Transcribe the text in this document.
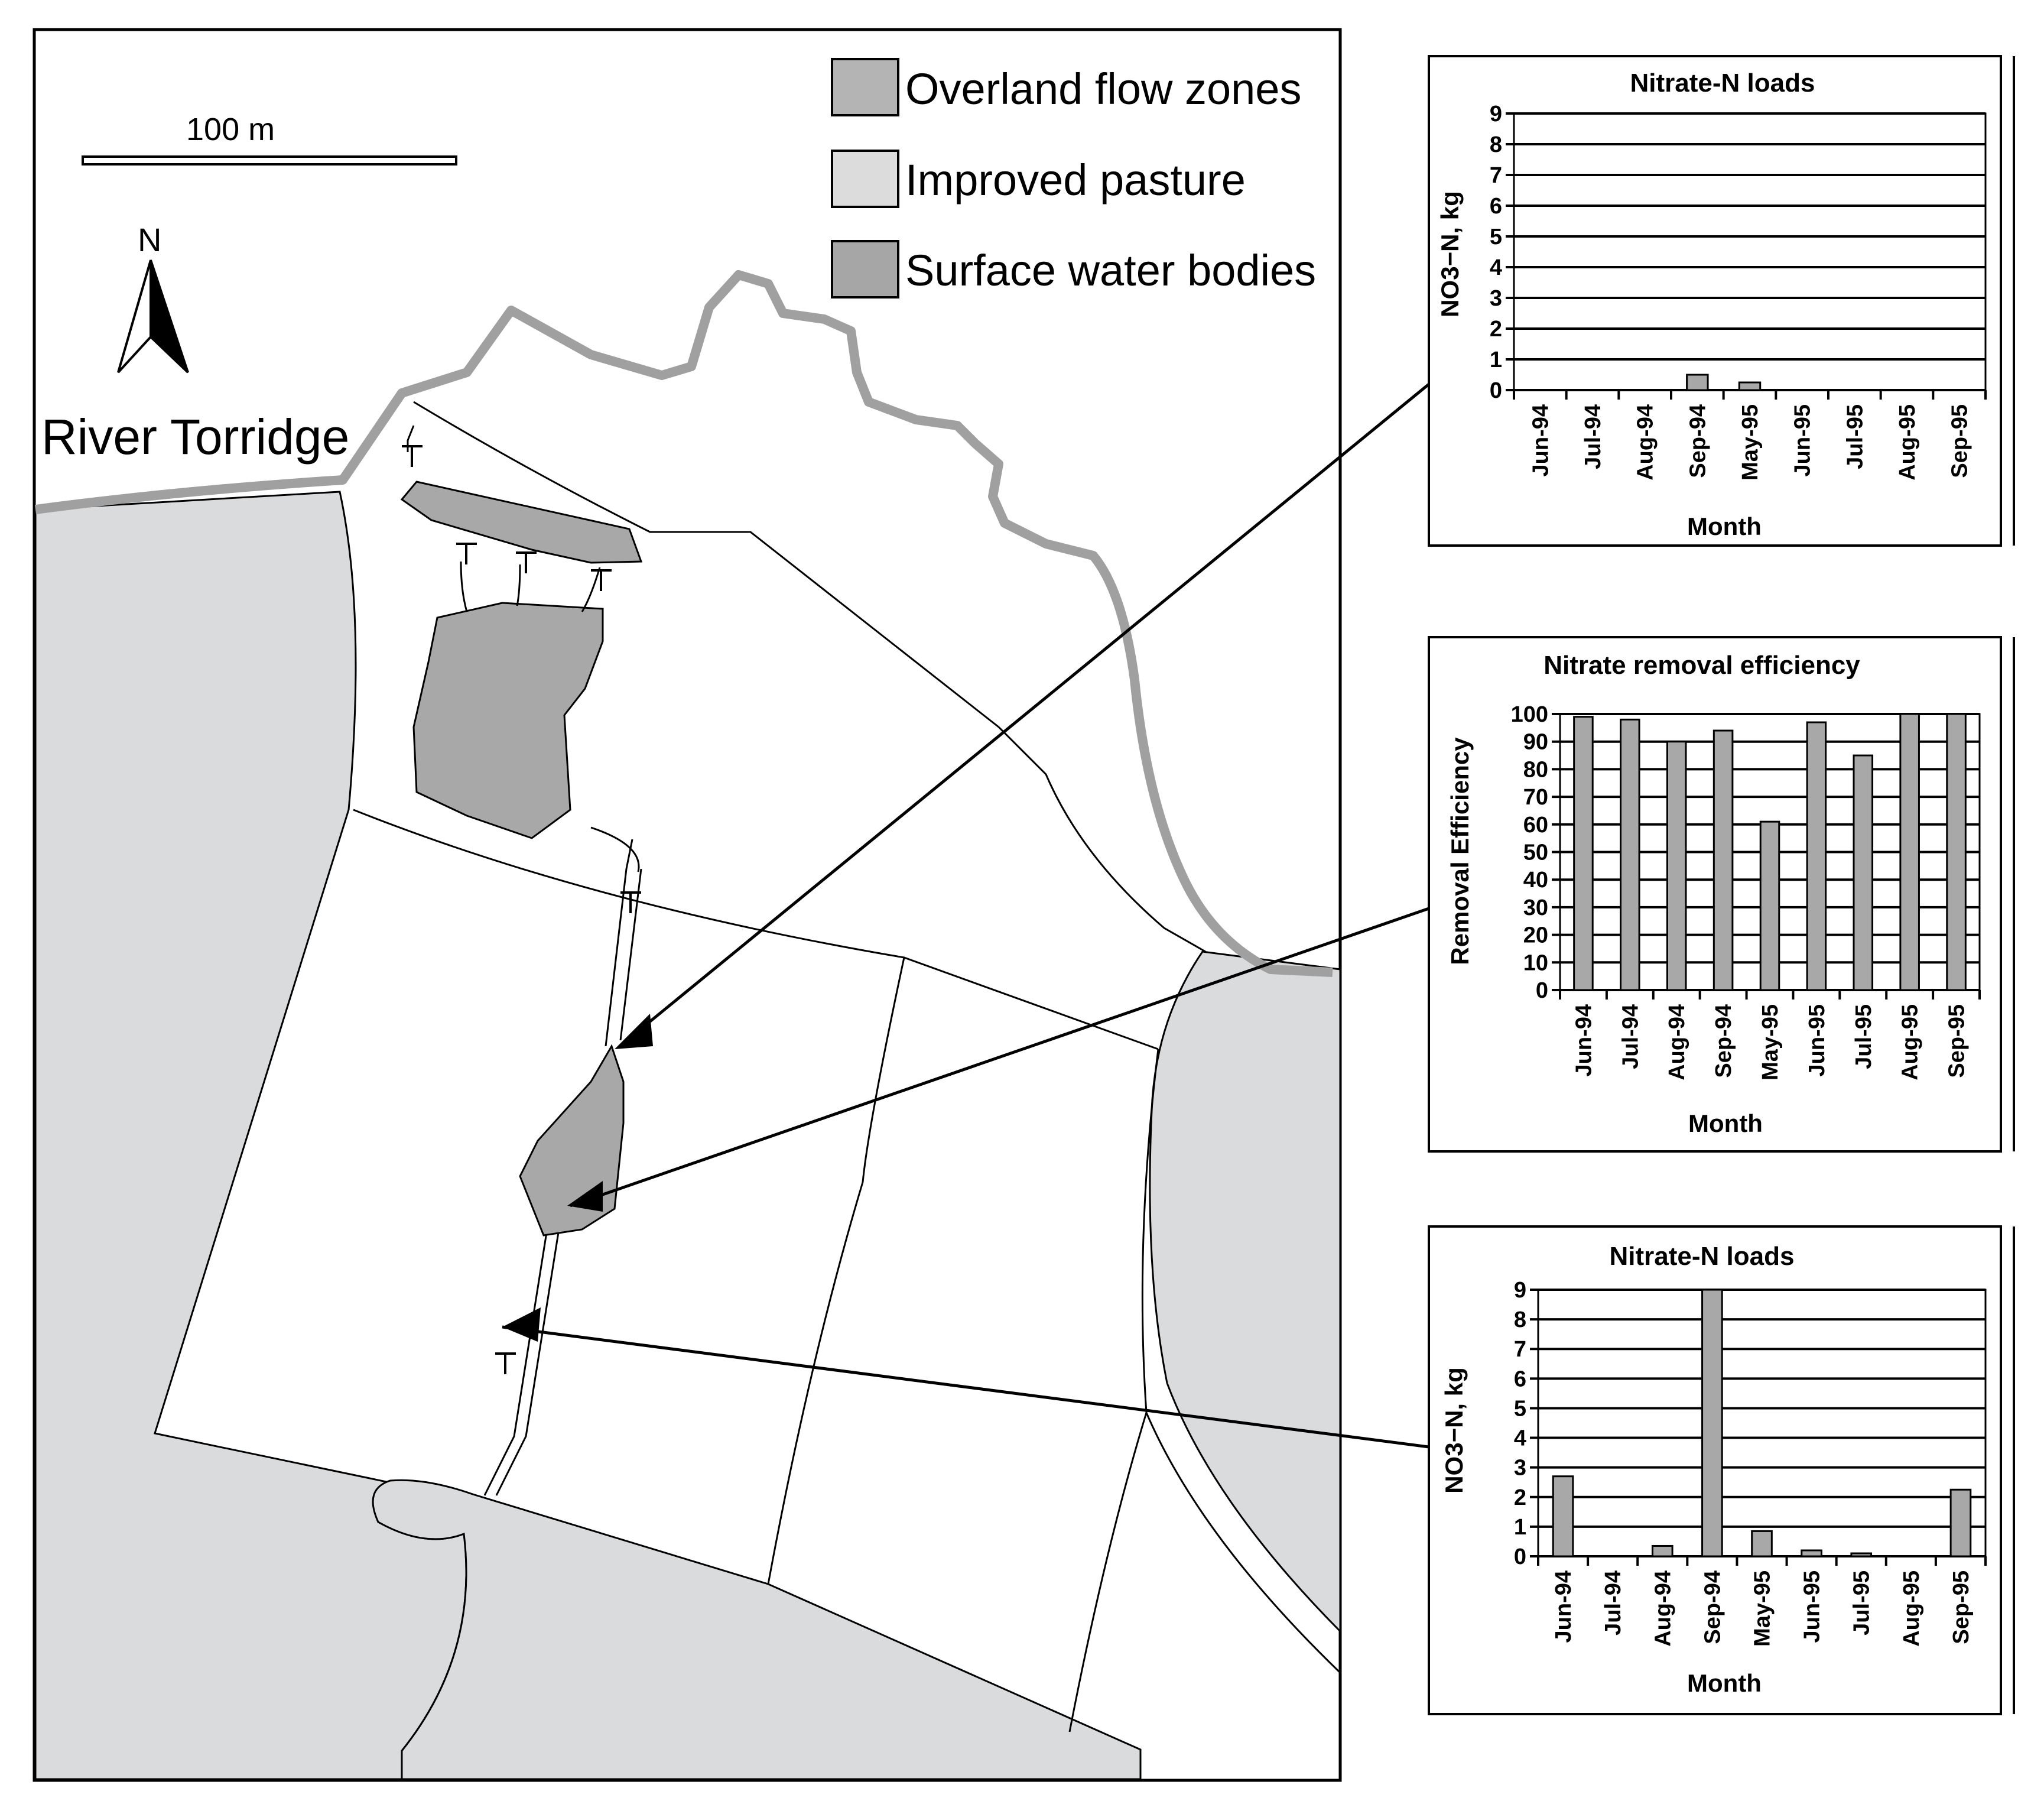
Overland flow zones
Improved pasture
Surface water bodies
100 m
N
River Torridge
Nitrate-N loads
Month
NO3−N, kg
0
1
2
3
4
5
6
7
8
9
Jun-94 Jul-94 Aug-94 Sep-94 May-95 Jun-95 Jul-95 Aug-95 Sep-95
Nitrate removal efficiency
Month
Removal Efficiency
0
10
20
30
40
50
60
70
80
90
100
Jun-94 Jul-94 Aug-94 Sep-94 May-95 Jun-95 Jul-95 Aug-95 Sep-95
Nitrate-N loads
Month
NO3−N, kg
0
1
2
3
4
5
6
7
8
9
Jun-94 Jul-94 Aug-94 Sep-94 May-95 Jun-95 Jul-95 Aug-95 Sep-95
